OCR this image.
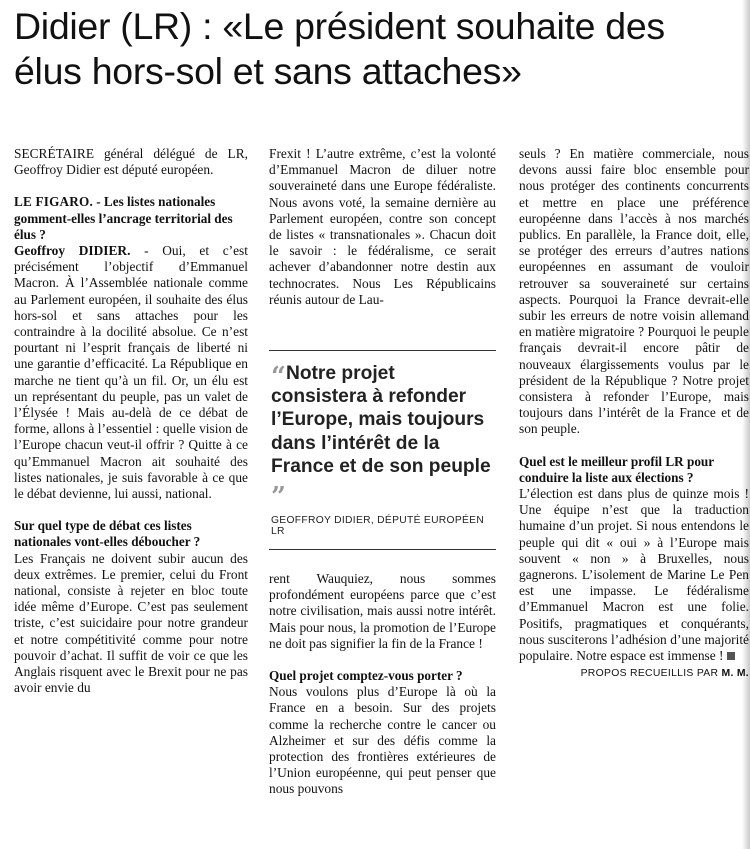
Didier (LR) : «Le président souhaite des élus hors-sol et sans attaches»

SECRÉTAIRE général délégué de LR, Geoffroy Didier est député européen.

LE FIGARO. - Les listes nationales gomment-elles l’ancrage territorial des élus ?

Geoffroy DIDIER. - Oui, et c’est précisément l’objectif d’Emmanuel Macron. À l’Assemblée nationale comme au Parlement européen, il souhaite des élus hors-sol et sans attaches pour les contraindre à la docilité absolue. Ce n’est pourtant ni l’esprit français de liberté ni une garantie d’efficacité. La République en marche ne tient qu’à un fil. Or, un élu est un représentant du peuple, pas un valet de l’Élysée ! Mais au-delà de ce débat de forme, allons à l’essentiel : quelle vision de l’Europe chacun veut-il offrir ? Quitte à ce qu’Emmanuel Macron ait souhaité des listes nationales, je suis favorable à ce que le débat devienne, lui aussi, national.

Sur quel type de débat ces listes nationales vont-elles déboucher ?

Les Français ne doivent subir aucun des deux extrêmes. Le premier, celui du Front national, consiste à rejeter en bloc toute idée même d’Europe. C’est pas seulement triste, c’est suicidaire pour notre grandeur et notre compétitivité comme pour notre pouvoir d’achat. Il suffit de voir ce que les Anglais risquent avec le Brexit pour ne pas avoir envie du

Frexit ! L’autre extrême, c’est la volonté d’Emmanuel Macron de diluer notre souveraineté dans une Europe fédéraliste. Nous avons voté, la semaine dernière au Parlement européen, contre son concept de listes « transnationales ». Chacun doit le savoir : le fédéralisme, ce serait achever d’abandonner notre destin aux technocrates. Nous Les Républicains réunis autour de Lau-

“Notre projet consistera à refonder l’Europe, mais toujours dans l’intérêt de la France et de son peuple ”
GEOFFROY DIDIER, DÉPUTÉ EUROPÉEN LR

rent Wauquiez, nous sommes profondément européens parce que c’est notre civilisation, mais aussi notre intérêt. Mais pour nous, la promotion de l’Europe ne doit pas signifier la fin de la France !

Quel projet comptez-vous porter ?

Nous voulons plus d’Europe là où la France en a besoin. Sur des projets comme la recherche contre le cancer ou Alzheimer et sur des défis comme la protection des frontières extérieures de l’Union européenne, qui peut penser que nous pouvons

seuls ? En matière commerciale, nous devons aussi faire bloc ensemble pour nous protéger des continents concurrents et mettre en place une préférence européenne dans l’accès à nos marchés publics. En parallèle, la France doit, elle, se protéger des erreurs d’autres nations européennes en assumant de vouloir retrouver sa souveraineté sur certains aspects. Pourquoi la France devrait-elle subir les erreurs de notre voisin allemand en matière migratoire ? Pourquoi le peuple français devrait-il encore pâtir de nouveaux élargissements voulus par le président de la République ? Notre projet consistera à refonder l’Europe, mais toujours dans l’intérêt de la France et de son peuple.

Quel est le meilleur profil LR pour conduire la liste aux élections ?

L’élection est dans plus de quinze mois ! Une équipe n’est que la traduction humaine d’un projet. Si nous entendons le peuple qui dit « oui » à l’Europe mais souvent « non » à Bruxelles, nous gagnerons. L’isolement de Marine Le Pen est une impasse. Le fédéralisme d’Emmanuel Macron est une folie. Positifs, pragmatiques et conquérants, nous susciterons l’adhésion d’une majorité populaire. Notre espace est immense !

PROPOS RECUEILLIS PAR M. M.
